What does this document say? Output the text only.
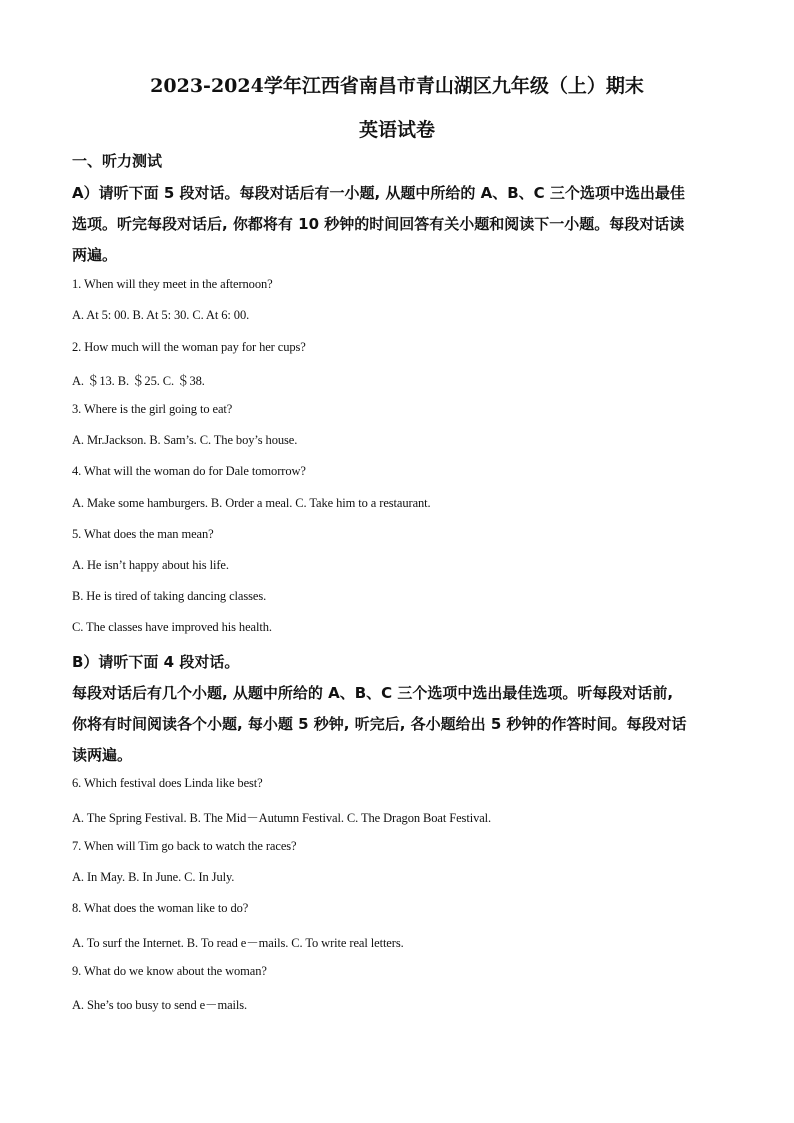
2023-2024学年江西省南昌市青山湖区九年级（上）期末
英语试卷
一、听力测试
A）请听下面 5 段对话。每段对话后有一小题, 从题中所给的 A、B、C 三个选项中选出最佳
选项。听完每段对话后, 你都将有 10 秒钟的时间回答有关小题和阅读下一小题。每段对话读
两遍。
1. When will they meet in the afternoon?
A. At 5: 00. B. At 5: 30. C. At 6: 00.
2. How much will the woman pay for her cups?
A. ＄13. B. ＄25. C. ＄38.
3. Where is the girl going to eat?
A. Mr.Jackson. B. Sam’s. C. The boy’s house.
4. What will the woman do for Dale tomorrow?
A. Make some hamburgers. B. Order a meal. C. Take him to a restaurant.
5. What does the man mean?
A. He isn’t happy about his life.
B. He is tired of taking dancing classes.
C. The classes have improved his health.
B）请听下面 4 段对话。
每段对话后有几个小题, 从题中所给的 A、B、C 三个选项中选出最佳选项。听每段对话前,
你将有时间阅读各个小题, 每小题 5 秒钟, 听完后, 各小题给出 5 秒钟的作答时间。每段对话
读两遍。
6. Which festival does Linda like best?
A. The Spring Festival. B. The Mid－Autumn Festival. C. The Dragon Boat Festival.
7. When will Tim go back to watch the races?
A. In May. B. In June. C. In July.
8. What does the woman like to do?
A. To surf the Internet. B. To read e－mails. C. To write real letters.
9. What do we know about the woman?
A. She’s too busy to send e－mails.
